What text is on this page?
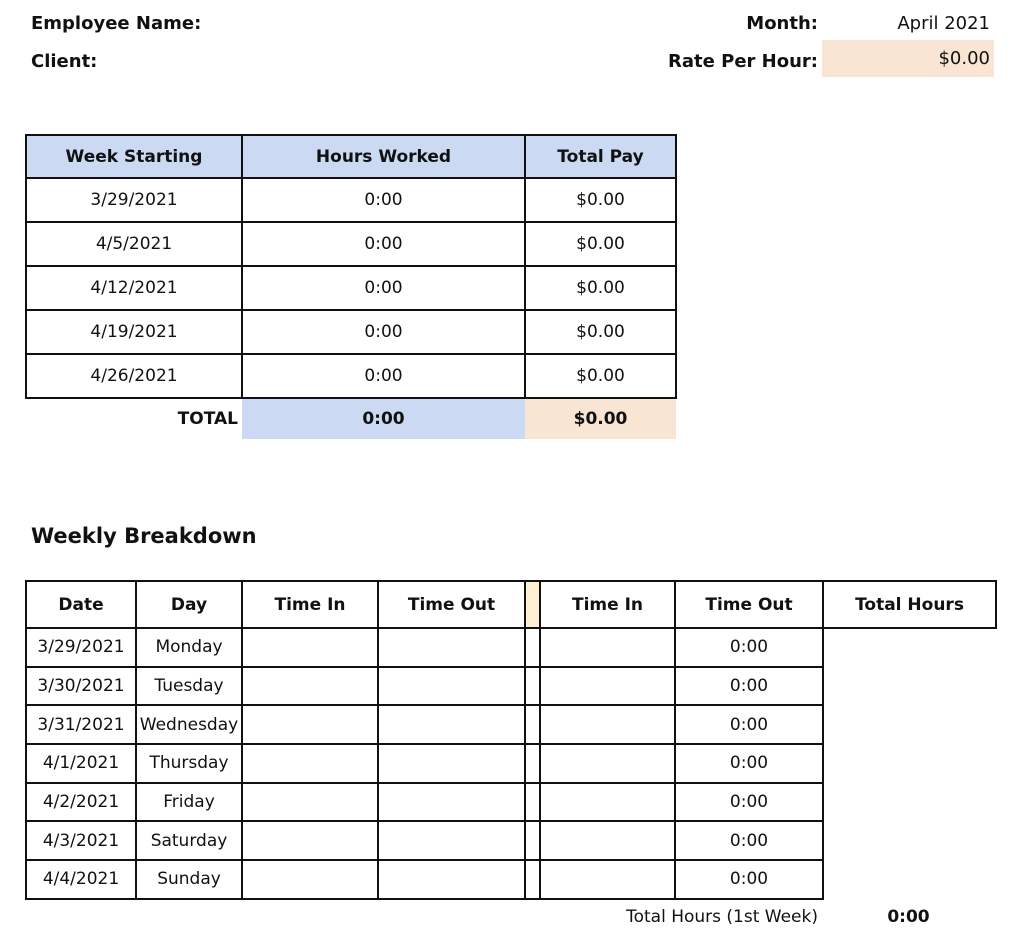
Employee Name:
Client:
Month:	April 2021
Rate Per Hour:	$0.00
Week Starting	Hours Worked	Total Pay
3/29/2021	0:00	$0.00
4/5/2021	0:00	$0.00
4/12/2021	0:00	$0.00
4/19/2021	0:00	$0.00
4/26/2021	0:00	$0.00
TOTAL	0:00	$0.00
Weekly Breakdown
Date	Day	Time In	Time Out		Time In	Time Out	Total Hours
3/29/2021	Monday					0:00	
3/30/2021	Tuesday					0:00	
3/31/2021	Wednesday					0:00	
4/1/2021	Thursday					0:00	
4/2/2021	Friday					0:00	
4/3/2021	Saturday					0:00	
4/4/2021	Sunday					0:00	
Total Hours (1st Week)	0:00
